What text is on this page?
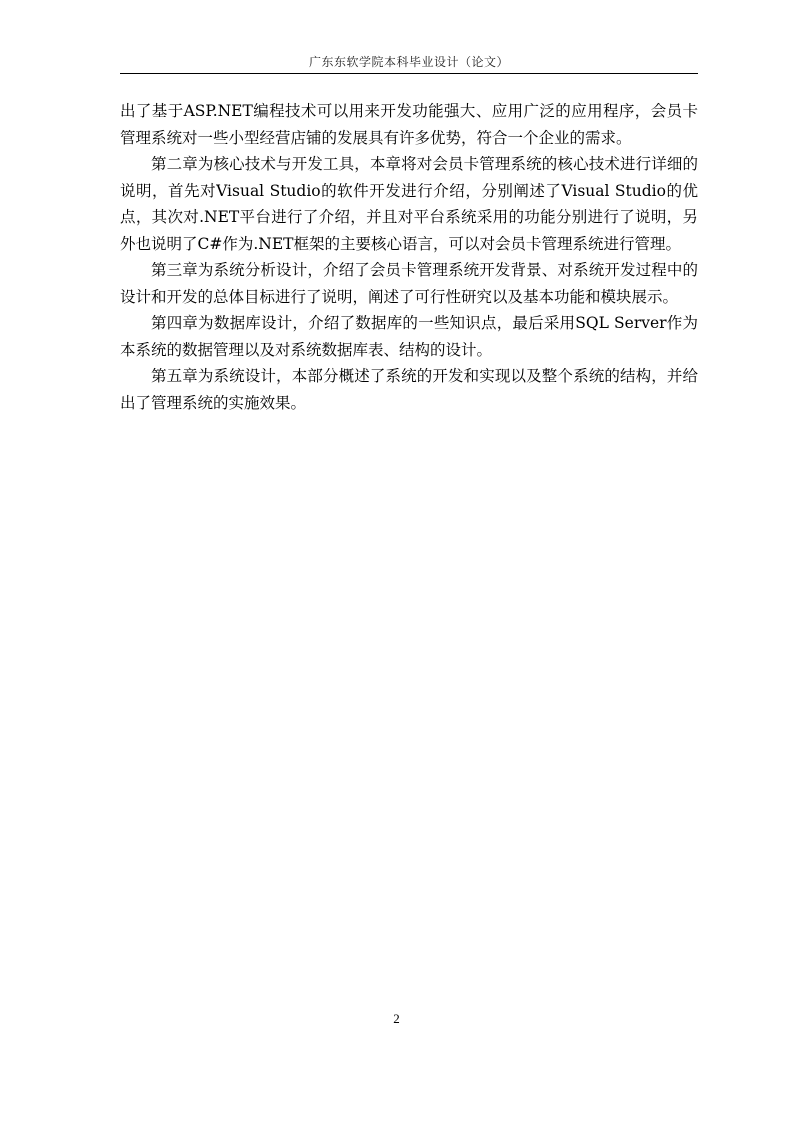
广东东软学院本科毕业设计（论文）

出了基于ASP.NET编程技术可以用来开发功能强大、应用广泛的应用程序，会员卡管理系统对一些小型经营店铺的发展具有许多优势，符合一个企业的需求。

第二章为核心技术与开发工具，本章将对会员卡管理系统的核心技术进行详细的说明，首先对Visual Studio的软件开发进行介绍，分别阐述了Visual Studio的优点，其次对.NET平台进行了介绍，并且对平台系统采用的功能分别进行了说明，另外也说明了C#作为.NET框架的主要核心语言，可以对会员卡管理系统进行管理。

第三章为系统分析设计，介绍了会员卡管理系统开发背景、对系统开发过程中的设计和开发的总体目标进行了说明，阐述了可行性研究以及基本功能和模块展示。

第四章为数据库设计，介绍了数据库的一些知识点，最后采用SQL Server作为本系统的数据管理以及对系统数据库表、结构的设计。

第五章为系统设计，本部分概述了系统的开发和实现以及整个系统的结构，并给出了管理系统的实施效果。

2
